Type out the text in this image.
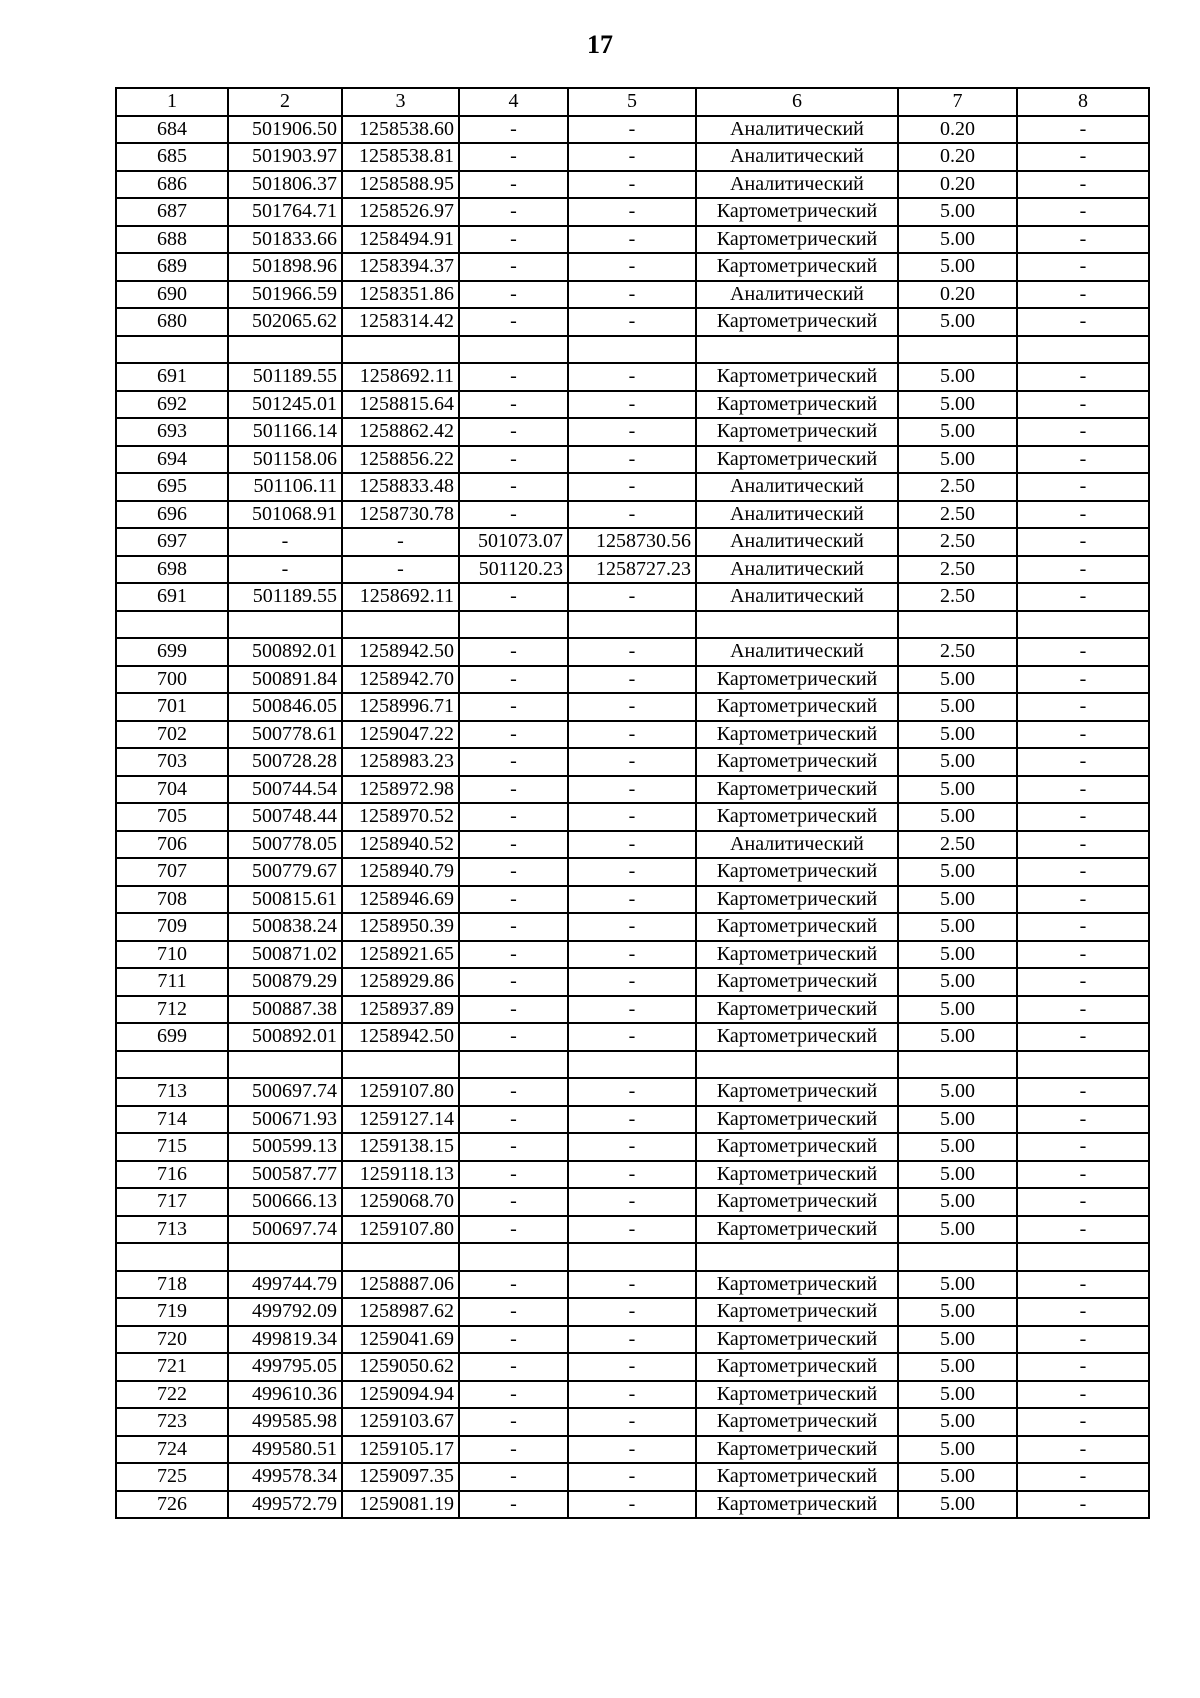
17
1	2	3	4	5	6	7	8
684	501906.50	1258538.60	-	-	Аналитический	0.20	-
685	501903.97	1258538.81	-	-	Аналитический	0.20	-
686	501806.37	1258588.95	-	-	Аналитический	0.20	-
687	501764.71	1258526.97	-	-	Картометрический	5.00	-
688	501833.66	1258494.91	-	-	Картометрический	5.00	-
689	501898.96	1258394.37	-	-	Картометрический	5.00	-
690	501966.59	1258351.86	-	-	Аналитический	0.20	-
680	502065.62	1258314.42	-	-	Картометрический	5.00	-

691	501189.55	1258692.11	-	-	Картометрический	5.00	-
692	501245.01	1258815.64	-	-	Картометрический	5.00	-
693	501166.14	1258862.42	-	-	Картометрический	5.00	-
694	501158.06	1258856.22	-	-	Картометрический	5.00	-
695	501106.11	1258833.48	-	-	Аналитический	2.50	-
696	501068.91	1258730.78	-	-	Аналитический	2.50	-
697	-	-	501073.07	1258730.56	Аналитический	2.50	-
698	-	-	501120.23	1258727.23	Аналитический	2.50	-
691	501189.55	1258692.11	-	-	Аналитический	2.50	-

699	500892.01	1258942.50	-	-	Аналитический	2.50	-
700	500891.84	1258942.70	-	-	Картометрический	5.00	-
701	500846.05	1258996.71	-	-	Картометрический	5.00	-
702	500778.61	1259047.22	-	-	Картометрический	5.00	-
703	500728.28	1258983.23	-	-	Картометрический	5.00	-
704	500744.54	1258972.98	-	-	Картометрический	5.00	-
705	500748.44	1258970.52	-	-	Картометрический	5.00	-
706	500778.05	1258940.52	-	-	Аналитический	2.50	-
707	500779.67	1258940.79	-	-	Картометрический	5.00	-
708	500815.61	1258946.69	-	-	Картометрический	5.00	-
709	500838.24	1258950.39	-	-	Картометрический	5.00	-
710	500871.02	1258921.65	-	-	Картометрический	5.00	-
711	500879.29	1258929.86	-	-	Картометрический	5.00	-
712	500887.38	1258937.89	-	-	Картометрический	5.00	-
699	500892.01	1258942.50	-	-	Картометрический	5.00	-

713	500697.74	1259107.80	-	-	Картометрический	5.00	-
714	500671.93	1259127.14	-	-	Картометрический	5.00	-
715	500599.13	1259138.15	-	-	Картометрический	5.00	-
716	500587.77	1259118.13	-	-	Картометрический	5.00	-
717	500666.13	1259068.70	-	-	Картометрический	5.00	-
713	500697.74	1259107.80	-	-	Картометрический	5.00	-

718	499744.79	1258887.06	-	-	Картометрический	5.00	-
719	499792.09	1258987.62	-	-	Картометрический	5.00	-
720	499819.34	1259041.69	-	-	Картометрический	5.00	-
721	499795.05	1259050.62	-	-	Картометрический	5.00	-
722	499610.36	1259094.94	-	-	Картометрический	5.00	-
723	499585.98	1259103.67	-	-	Картометрический	5.00	-
724	499580.51	1259105.17	-	-	Картометрический	5.00	-
725	499578.34	1259097.35	-	-	Картометрический	5.00	-
726	499572.79	1259081.19	-	-	Картометрический	5.00	-
